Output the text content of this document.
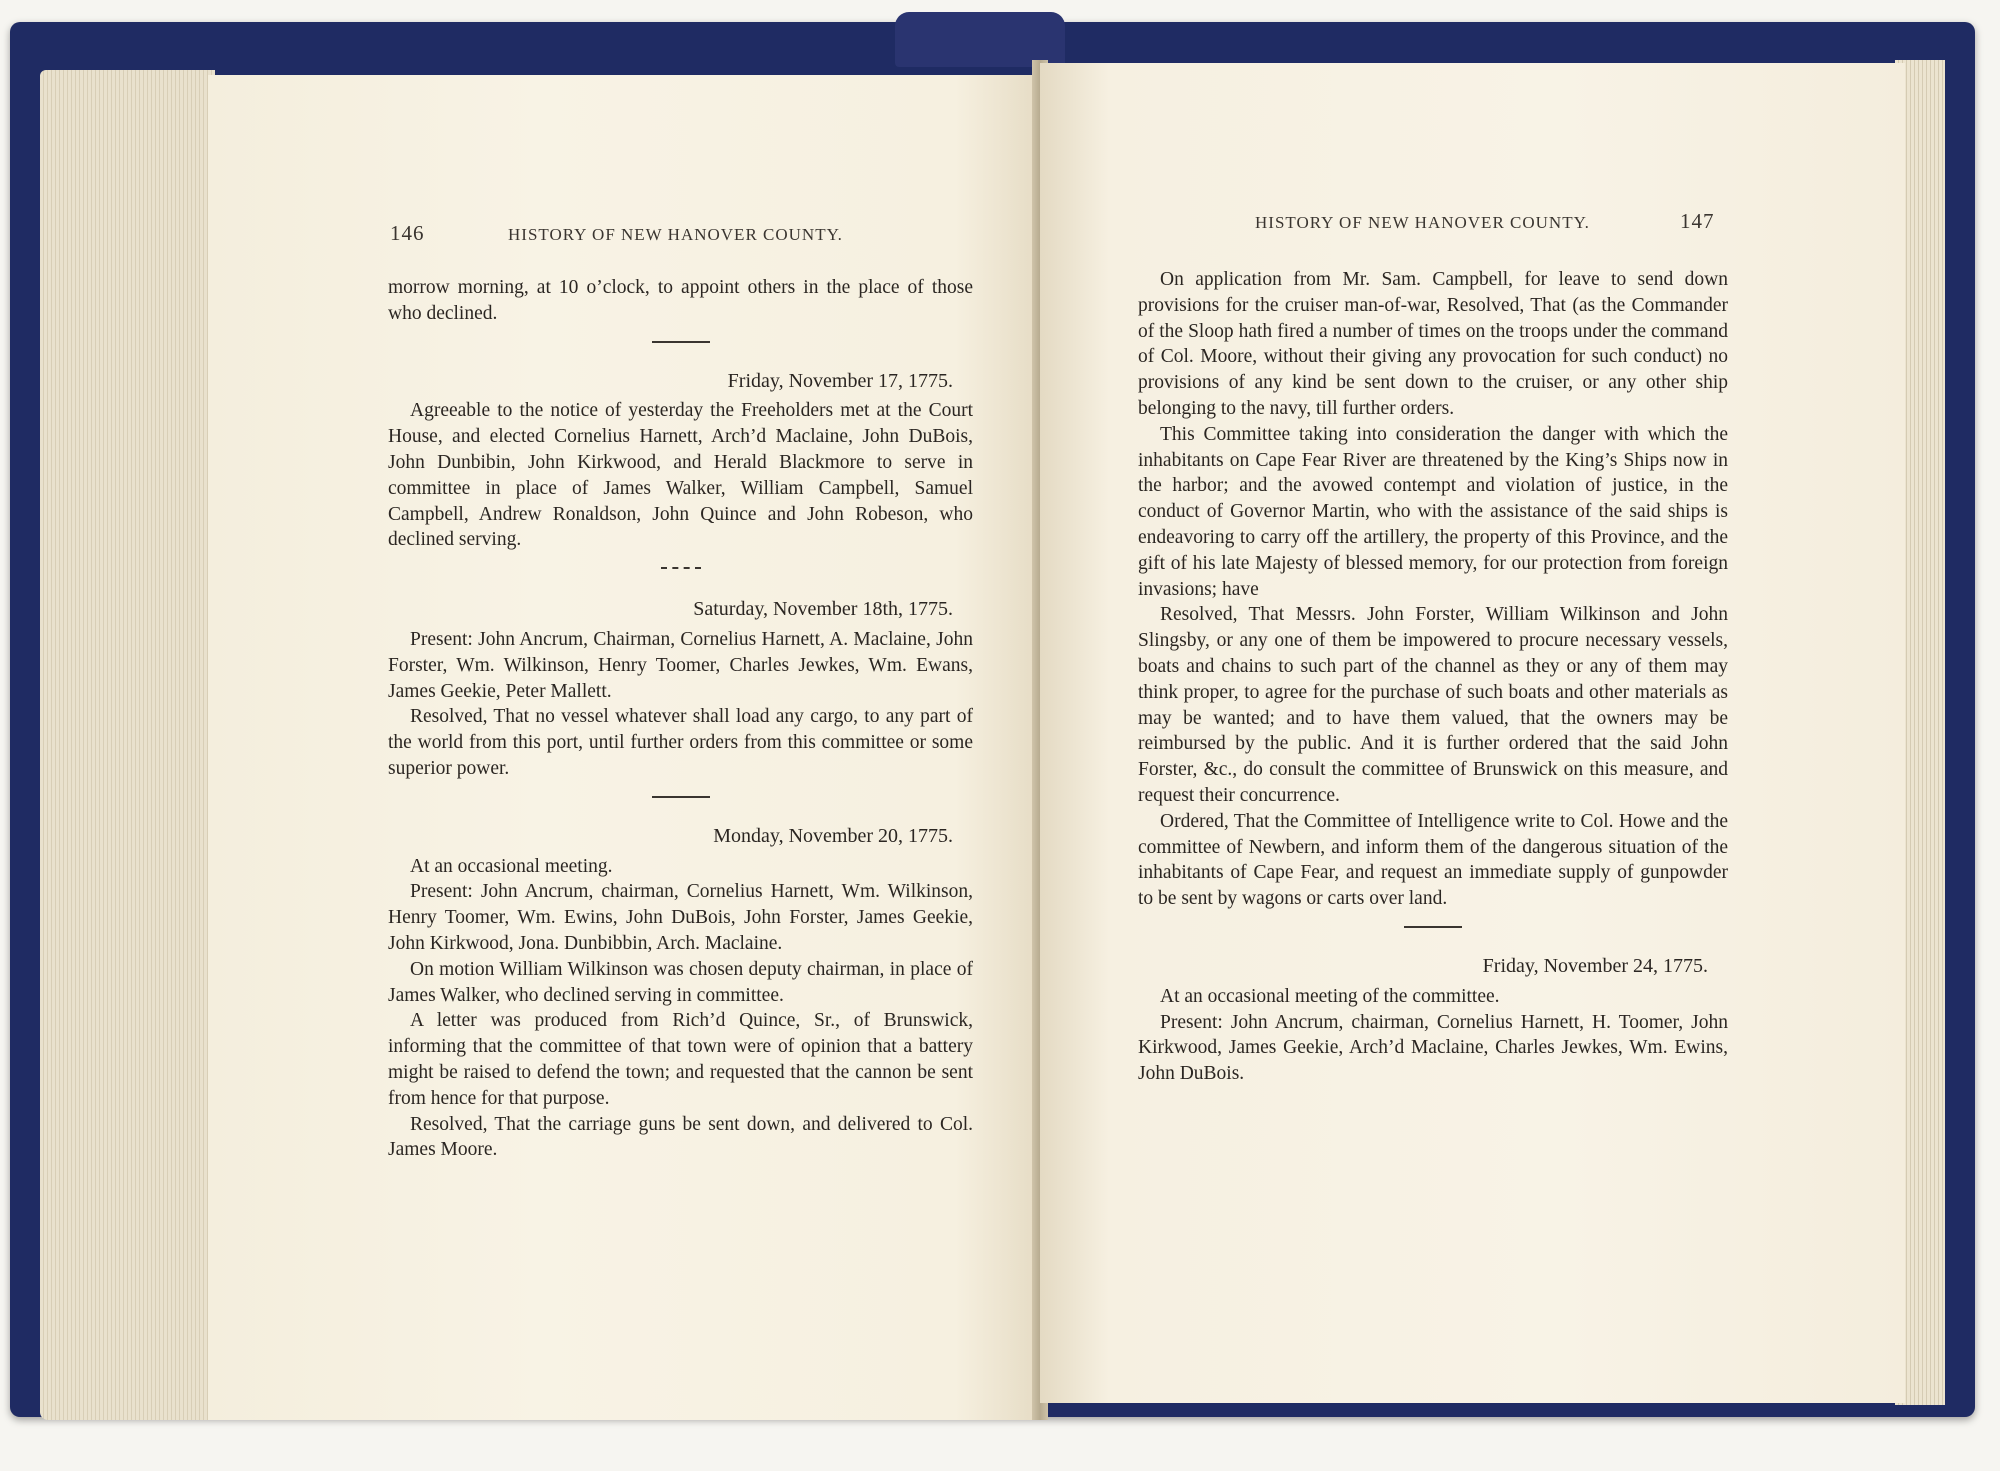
146	HISTORY OF NEW HANOVER COUNTY.

morrow morning, at 10 o’clock, to appoint others in the place of those who declined.

Friday, November 17, 1775.

Agreeable to the notice of yesterday the Freeholders met at the Court House, and elected Cornelius Harnett, Arch’d Maclaine, John DuBois, John Dunbibin, John Kirkwood, and Herald Blackmore to serve in committee in place of James Walker, William Campbell, Samuel Campbell, Andrew Ronaldson, John Quince and John Robeson, who declined serving.

Saturday, November 18th, 1775.

Present: John Ancrum, Chairman, Cornelius Harnett, A. Maclaine, John Forster, Wm. Wilkinson, Henry Toomer, Charles Jewkes, Wm. Ewans, James Geekie, Peter Mallett.

Resolved, That no vessel whatever shall load any cargo, to any part of the world from this port, until further orders from this committee or some superior power.

Monday, November 20, 1775.

At an occasional meeting.

Present: John Ancrum, chairman, Cornelius Harnett, Wm. Wilkinson, Henry Toomer, Wm. Ewins, John DuBois, John Forster, James Geekie, John Kirkwood, Jona. Dunbibbin, Arch. Maclaine.

On motion William Wilkinson was chosen deputy chairman, in place of James Walker, who declined serving in committee.

A letter was produced from Rich’d Quince, Sr., of Brunswick, informing that the committee of that town were of opinion that a battery might be raised to defend the town; and requested that the cannon be sent from hence for that purpose.

Resolved, That the carriage guns be sent down, and delivered to Col. James Moore.

HISTORY OF NEW HANOVER COUNTY.	147

On application from Mr. Sam. Campbell, for leave to send down provisions for the cruiser man-of-war, Resolved, That (as the Commander of the Sloop hath fired a number of times on the troops under the command of Col. Moore, without their giving any provocation for such conduct) no provisions of any kind be sent down to the cruiser, or any other ship belonging to the navy, till further orders.

This Committee taking into consideration the danger with which the inhabitants on Cape Fear River are threatened by the King’s Ships now in the harbor; and the avowed contempt and violation of justice, in the conduct of Governor Martin, who with the assistance of the said ships is endeavoring to carry off the artillery, the property of this Province, and the gift of his late Majesty of blessed memory, for our protection from foreign invasions; have

Resolved, That Messrs. John Forster, William Wilkinson and John Slingsby, or any one of them be impowered to procure necessary vessels, boats and chains to such part of the channel as they or any of them may think proper, to agree for the purchase of such boats and other materials as may be wanted; and to have them valued, that the owners may be reimbursed by the public. And it is further ordered that the said John Forster, &c., do consult the committee of Brunswick on this measure, and request their concurrence.

Ordered, That the Committee of Intelligence write to Col. Howe and the committee of Newbern, and inform them of the dangerous situation of the inhabitants of Cape Fear, and request an immediate supply of gunpowder to be sent by wagons or carts over land.

Friday, November 24, 1775.

At an occasional meeting of the committee.

Present: John Ancrum, chairman, Cornelius Harnett, H. Toomer, John Kirkwood, James Geekie, Arch’d Maclaine, Charles Jewkes, Wm. Ewins, John DuBois.
